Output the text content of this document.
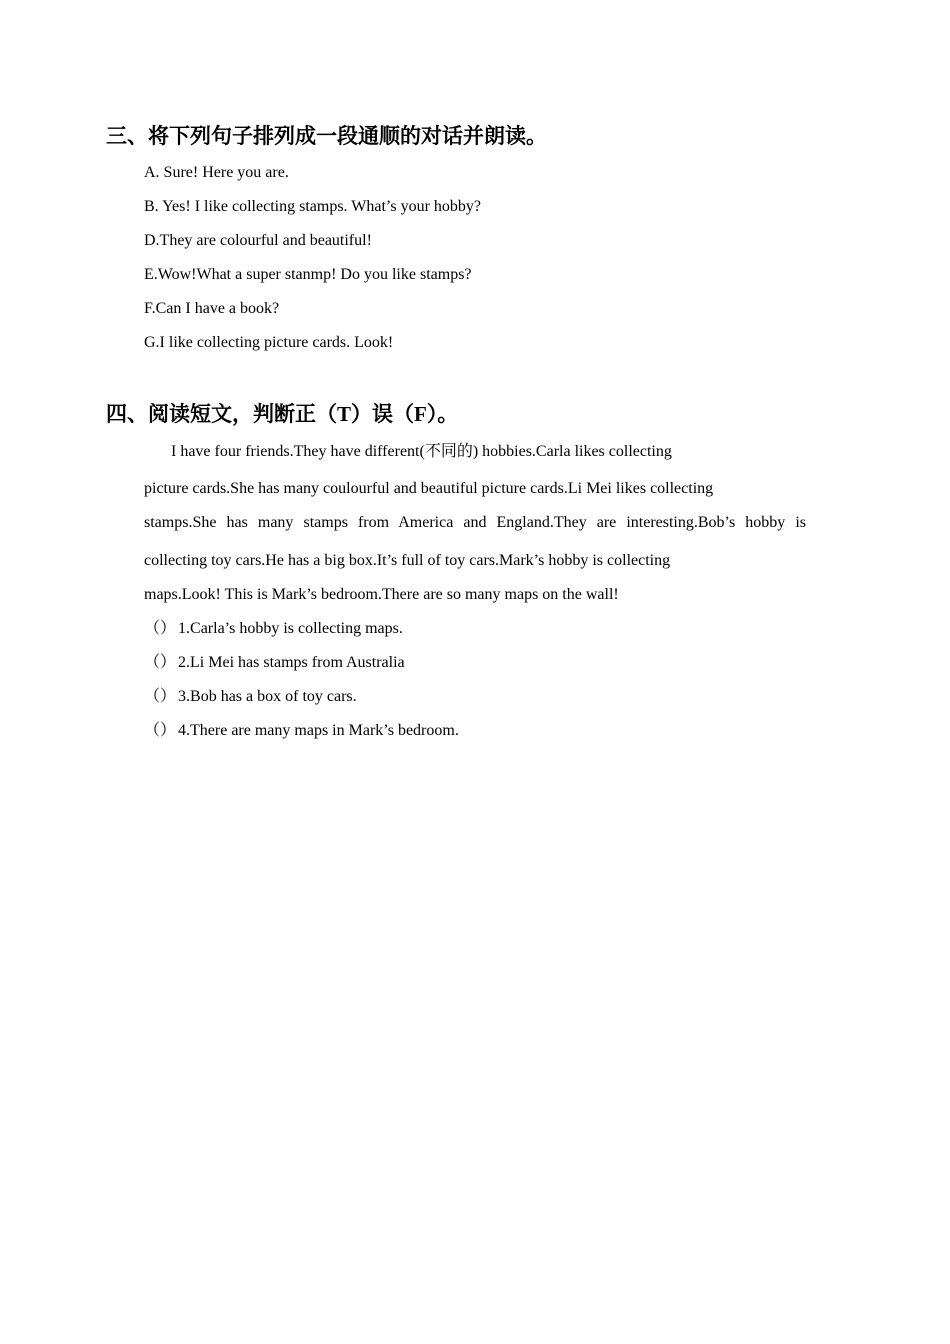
三、将下列句子排列成一段通顺的对话并朗读。
A. Sure! Here you are.
B. Yes! I like collecting stamps. What’s your hobby?
D.They are colourful and beautiful!
E.Wow!What a super stanmp! Do you like stamps?
F.Can I have a book?
G.I like collecting picture cards. Look!
四、阅读短文，判断正（T）误（F）。
I have four friends.They have different(不同的) hobbies.Carla likes collecting
picture cards.She has many coulourful and beautiful picture cards.Li Mei likes collecting
stamps.She has many stamps from America and England.They are interesting.Bob’s hobby is
collecting toy cars.He has a big box.It’s full of toy cars.Mark’s hobby is collecting
maps.Look! This is Mark’s bedroom.There are so many maps on the wall!
（） 1.Carla’s hobby is collecting maps.
（） 2.Li Mei has stamps from Australia
（） 3.Bob has a box of toy cars.
（） 4.There are many maps in Mark’s bedroom.
